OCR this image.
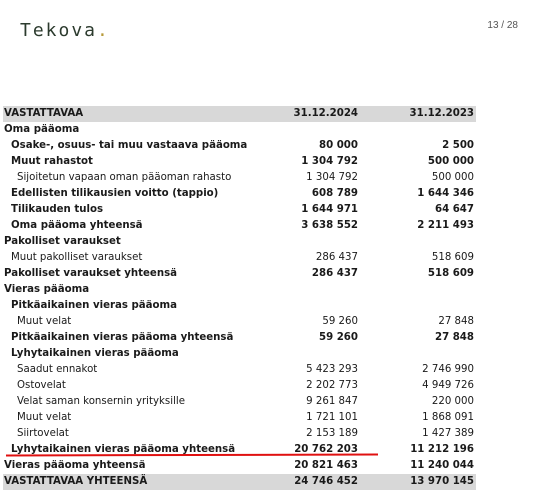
Tekova.	13 / 28
VASTATTAVAA	31.12.2024	31.12.2023
Oma pääoma
Osake-, osuus- tai muu vastaava pääoma	80 000	2 500
Muut rahastot	1 304 792	500 000
Sijoitetun vapaan oman pääoman rahasto	1 304 792	500 000
Edellisten tilikausien voitto (tappio)	608 789	1 644 346
Tilikauden tulos	1 644 971	64 647
Oma pääoma yhteensä	3 638 552	2 211 493
Pakolliset varaukset
Muut pakolliset varaukset	286 437	518 609
Pakolliset varaukset yhteensä	286 437	518 609
Vieras pääoma
Pitkäaikainen vieras pääoma
Muut velat	59 260	27 848
Pitkäaikainen vieras pääoma yhteensä	59 260	27 848
Lyhytaikainen vieras pääoma
Saadut ennakot	5 423 293	2 746 990
Ostovelat	2 202 773	4 949 726
Velat saman konsernin yrityksille	9 261 847	220 000
Muut velat	1 721 101	1 868 091
Siirtovelat	2 153 189	1 427 389
Lyhytaikainen vieras pääoma yhteensä	20 762 203	11 212 196
Vieras pääoma yhteensä	20 821 463	11 240 044
VASTATTAVAA YHTEENSÄ	24 746 452	13 970 145
